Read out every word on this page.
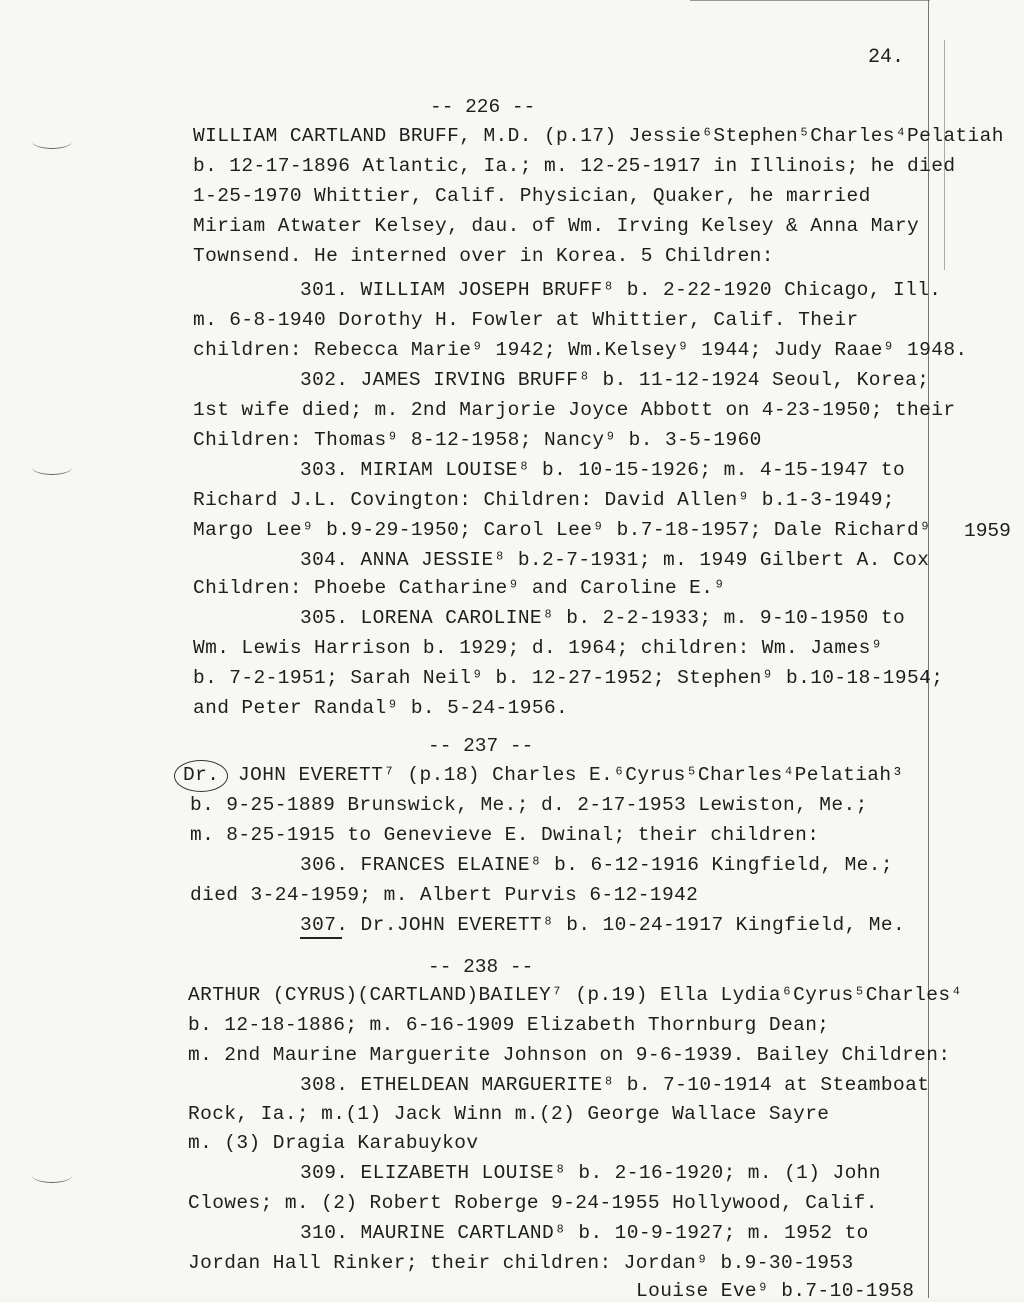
24.
-- 226 --
WILLIAM CARTLAND BRUFF, M.D. (p.17) Jessie⁶Stephen⁵Charles⁴Pelatiah
b. 12-17-1896 Atlantic, Ia.; m. 12-25-1917 in Illinois; he died
1-25-1970 Whittier, Calif. Physician, Quaker, he married
Miriam Atwater Kelsey, dau. of Wm. Irving Kelsey & Anna Mary
Townsend. He interned over in Korea. 5 Children:
301. WILLIAM JOSEPH BRUFF⁸ b. 2-22-1920 Chicago, Ill.
m. 6-8-1940 Dorothy H. Fowler at Whittier, Calif. Their
children: Rebecca Marie⁹ 1942; Wm.Kelsey⁹ 1944; Judy Raae⁹ 1948.
302. JAMES IRVING BRUFF⁸ b. 11-12-1924 Seoul, Korea;
1st wife died; m. 2nd Marjorie Joyce Abbott on 4-23-1950; their
Children: Thomas⁹ 8-12-1958; Nancy⁹ b. 3-5-1960
303. MIRIAM LOUISE⁸ b. 10-15-1926; m. 4-15-1947 to
Richard J.L. Covington: Children: David Allen⁹ b.1-3-1949;
Margo Lee⁹ b.9-29-1950; Carol Lee⁹ b.7-18-1957; Dale Richard⁹ 1959
304. ANNA JESSIE⁸ b.2-7-1931; m. 1949 Gilbert A. Cox
Children: Phoebe Catharine⁹ and Caroline E.⁹
305. LORENA CAROLINE⁸ b. 2-2-1933; m. 9-10-1950 to
Wm. Lewis Harrison b. 1929; d. 1964; children: Wm. James⁹
b. 7-2-1951; Sarah Neil⁹ b. 12-27-1952; Stephen⁹ b.10-18-1954;
and Peter Randal⁹ b. 5-24-1956.
-- 237 --
Dr. JOHN EVERETT⁷ (p.18) Charles E.⁶Cyrus⁵Charles⁴Pelatiah³
b. 9-25-1889 Brunswick, Me.; d. 2-17-1953 Lewiston, Me.;
m. 8-25-1915 to Genevieve E. Dwinal; their children:
306. FRANCES ELAINE⁸ b. 6-12-1916 Kingfield, Me.;
died 3-24-1959; m. Albert Purvis 6-12-1942
307. Dr.JOHN EVERETT⁸ b. 10-24-1917 Kingfield, Me.
-- 238 --
ARTHUR (CYRUS)(CARTLAND)BAILEY⁷ (p.19) Ella Lydia⁶Cyrus⁵Charles⁴
b. 12-18-1886; m. 6-16-1909 Elizabeth Thornburg Dean;
m. 2nd Maurine Marguerite Johnson on 9-6-1939. Bailey Children:
308. ETHELDEAN MARGUERITE⁸ b. 7-10-1914 at Steamboat
Rock, Ia.; m.(1) Jack Winn m.(2) George Wallace Sayre
m. (3) Dragia Karabuykov
309. ELIZABETH LOUISE⁸ b. 2-16-1920; m. (1) John
Clowes; m. (2) Robert Roberge 9-24-1955 Hollywood, Calif.
310. MAURINE CARTLAND⁸ b. 10-9-1927; m. 1952 to
Jordan Hall Rinker; their children: Jordan⁹ b.9-30-1953
Louise Eve⁹ b.7-10-1958
